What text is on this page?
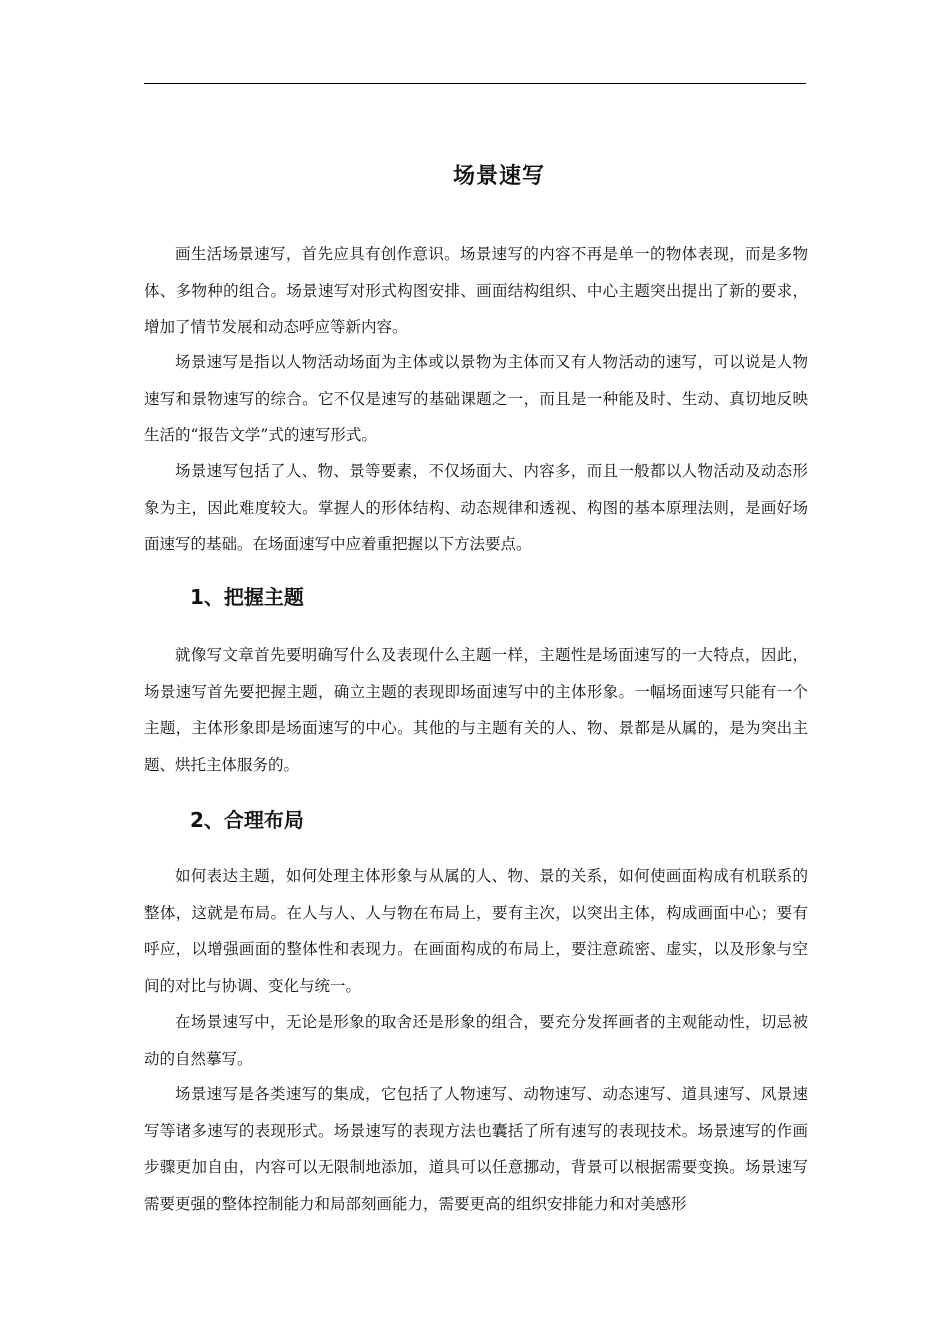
场景速写

画生活场景速写，首先应具有创作意识。场景速写的内容不再是单一的物体表现，而是多物体、多物种的组合。场景速写对形式构图安排、画面结构组织、中心主题突出提出了新的要求，增加了情节发展和动态呼应等新内容。

场景速写是指以人物活动场面为主体或以景物为主体而又有人物活动的速写，可以说是人物速写和景物速写的综合。它不仅是速写的基础课题之一，而且是一种能及时、生动、真切地反映生活的“报告文学”式的速写形式。

场景速写包括了人、物、景等要素，不仅场面大、内容多，而且一般都以人物活动及动态形象为主，因此难度较大。掌握人的形体结构、动态规律和透视、构图的基本原理法则，是画好场面速写的基础。在场面速写中应着重把握以下方法要点。

1、把握主题

就像写文章首先要明确写什么及表现什么主题一样，主题性是场面速写的一大特点，因此，场景速写首先要把握主题，确立主题的表现即场面速写中的主体形象。一幅场面速写只能有一个主题，主体形象即是场面速写的中心。其他的与主题有关的人、物、景都是从属的，是为突出主题、烘托主体服务的。

2、合理布局

如何表达主题，如何处理主体形象与从属的人、物、景的关系，如何使画面构成有机联系的整体，这就是布局。在人与人、人与物在布局上，要有主次，以突出主体，构成画面中心；要有呼应，以增强画面的整体性和表现力。在画面构成的布局上，要注意疏密、虚实，以及形象与空间的对比与协调、变化与统一。

在场景速写中，无论是形象的取舍还是形象的组合，要充分发挥画者的主观能动性，切忌被动的自然摹写。

场景速写是各类速写的集成，它包括了人物速写、动物速写、动态速写、道具速写、风景速写等诸多速写的表现形式。场景速写的表现方法也囊括了所有速写的表现技术。场景速写的作画步骤更加自由，内容可以无限制地添加，道具可以任意挪动，背景可以根据需要变换。场景速写需要更强的整体控制能力和局部刻画能力，需要更高的组织安排能力和对美感形
